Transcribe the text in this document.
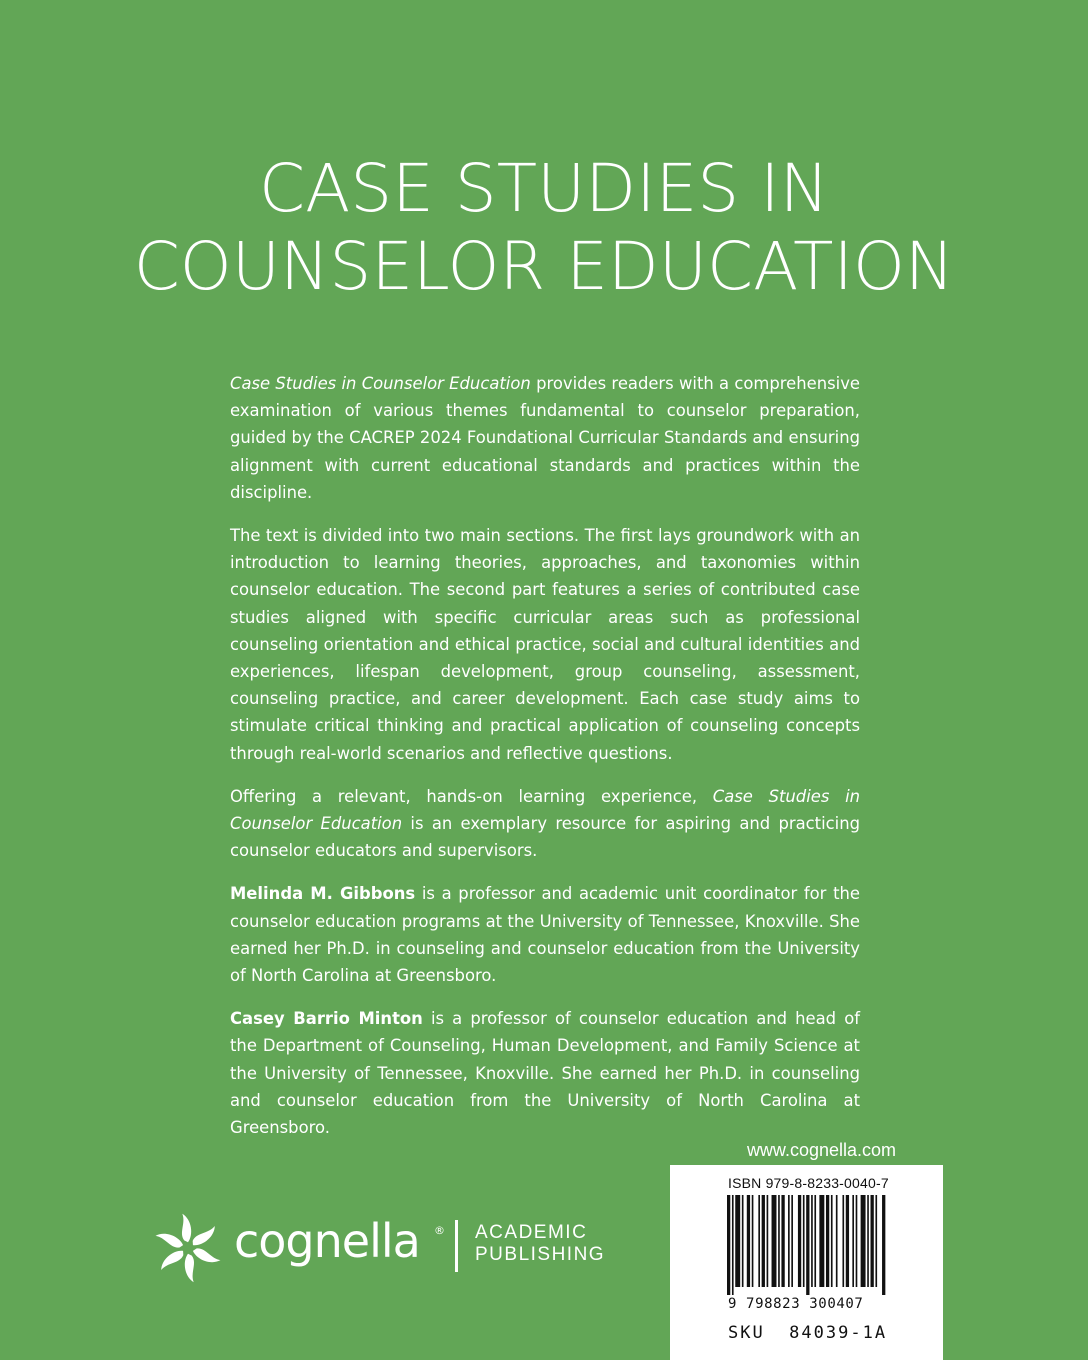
CASE STUDIES IN
COUNSELOR EDUCATION

Case Studies in Counselor Education provides readers with a comprehensive examination of various themes fundamental to counselor preparation, guided by the CACREP 2024 Foundational Curricular Standards and ensuring alignment with current educational standards and practices within the discipline.

The text is divided into two main sections. The first lays groundwork with an introduction to learning theories, approaches, and taxonomies within counselor education. The second part features a series of contributed case studies aligned with specific curricular areas such as professional counseling orientation and ethical practice, social and cultural identities and experiences, lifespan development, group counseling, assessment, counseling practice, and career development. Each case study aims to stimulate critical thinking and practical application of counseling concepts through real-world scenarios and reflective questions.

Offering a relevant, hands-on learning experience, Case Studies in Counselor Education is an exemplary resource for aspiring and practicing counselor educators and supervisors.

Melinda M. Gibbons is a professor and academic unit coordinator for the counselor education programs at the University of Tennessee, Knoxville. She earned her Ph.D. in counseling and counselor education from the University of North Carolina at Greensboro.

Casey Barrio Minton is a professor of counselor education and head of the Department of Counseling, Human Development, and Family Science at the University of Tennessee, Knoxville. She earned her Ph.D. in counseling and counselor education from the University of North Carolina at Greensboro.

www.cognella.com
ISBN 979-8-8233-0040-7
9 798823 300407
SKU  84039-1A
cognella ® ACADEMIC
PUBLISHING
